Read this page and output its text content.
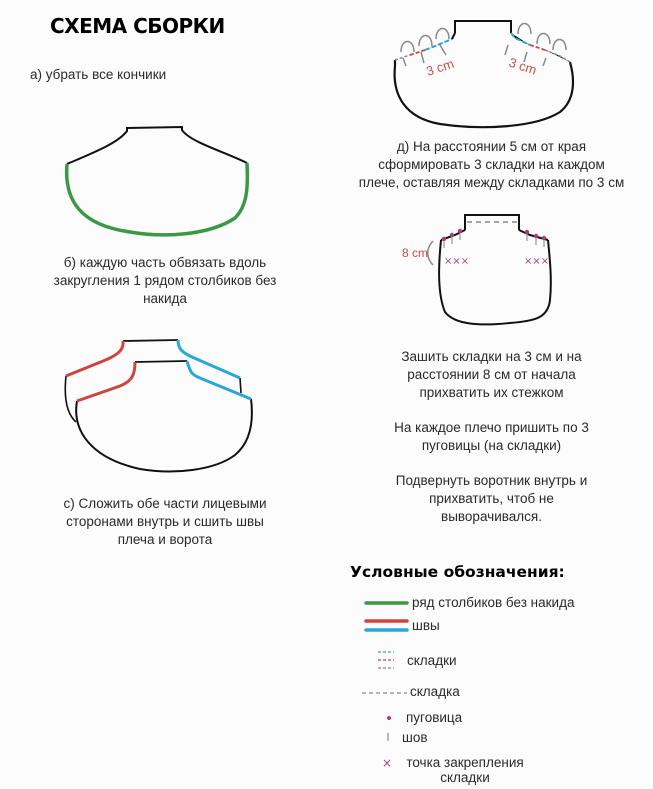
СХЕМА СБОРКИ
а) убрать все кончики
б) каждую часть обвязать вдоль
закругления 1 рядом столбиков без
накида
с) Сложить обе части лицевыми
сторонами внутрь и сшить швы
плеча и ворота
3 cm	3 cm
д) На расстоянии 5 см от края
сформировать 3 складки на каждом
плече, оставляя между складками по 3 см
×××	×××
8 cm
Зашить складки на 3 см и на
расстоянии 8 см от начала
прихватить их стежком
На каждое плечо пришить по 3
пуговицы (на складки)
Подвернуть воротник внутрь и
прихватить, чтоб не
выворачивался.
Условные обозначения:
×
ряд столбиков без накида
швы
складки
складка
пуговица
шов
точка закрепления
складки
